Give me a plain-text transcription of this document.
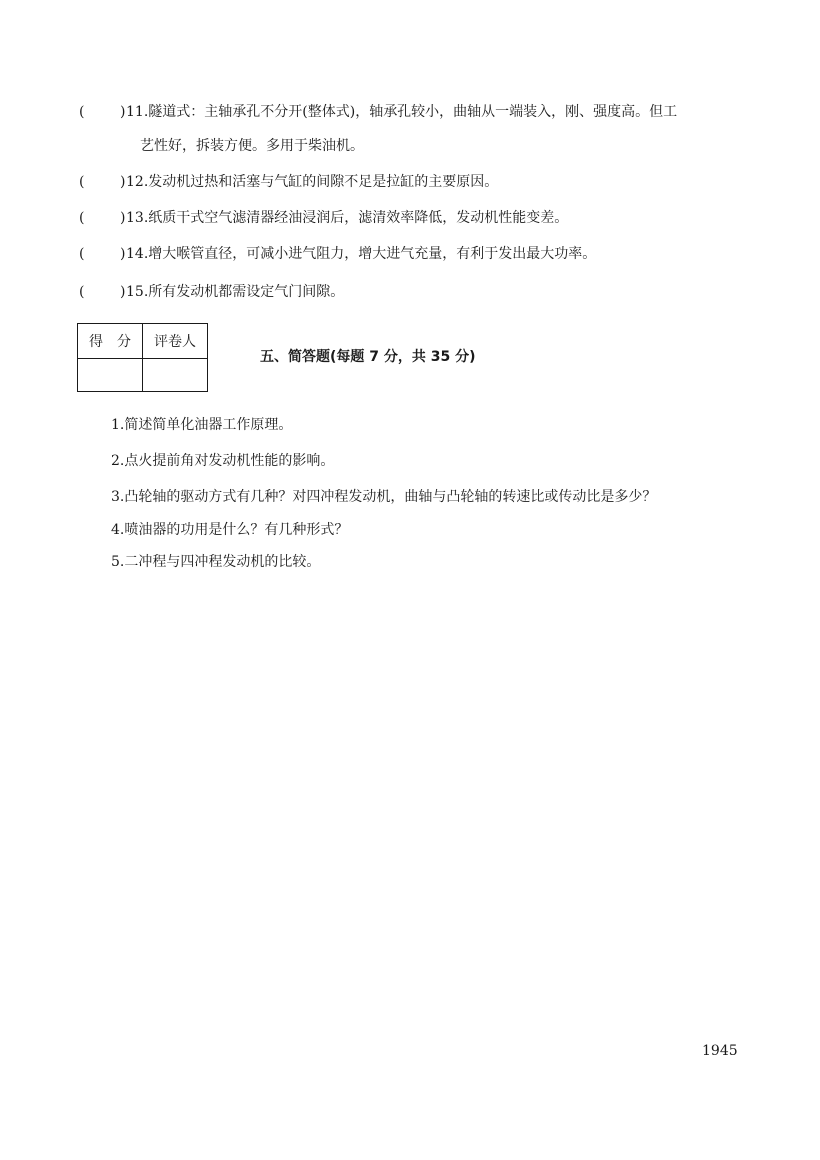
(	) 11.隧道式：主轴承孔不分开(整体式)，轴承孔较小，曲轴从一端装入，刚、强度高。但工
艺性好，拆装方便。多用于柴油机。
(	) 12.发动机过热和活塞与气缸的间隙不足是拉缸的主要原因。
(	) 13.纸质干式空气滤清器经油浸润后，滤清效率降低，发动机性能变差。
(	) 14.增大喉管直径，可减小进气阻力，增大进气充量，有利于发出最大功率。
(	) 15.所有发动机都需设定气门间隙。
得　分	评卷人

五、简答题(每题 7 分，共 35 分)
1.简述简单化油器工作原理。
2.点火提前角对发动机性能的影响。
3.凸轮轴的驱动方式有几种？对四冲程发动机，曲轴与凸轮轴的转速比或传动比是多少？
4.喷油器的功用是什么？有几种形式？
5.二冲程与四冲程发动机的比较。
1945
